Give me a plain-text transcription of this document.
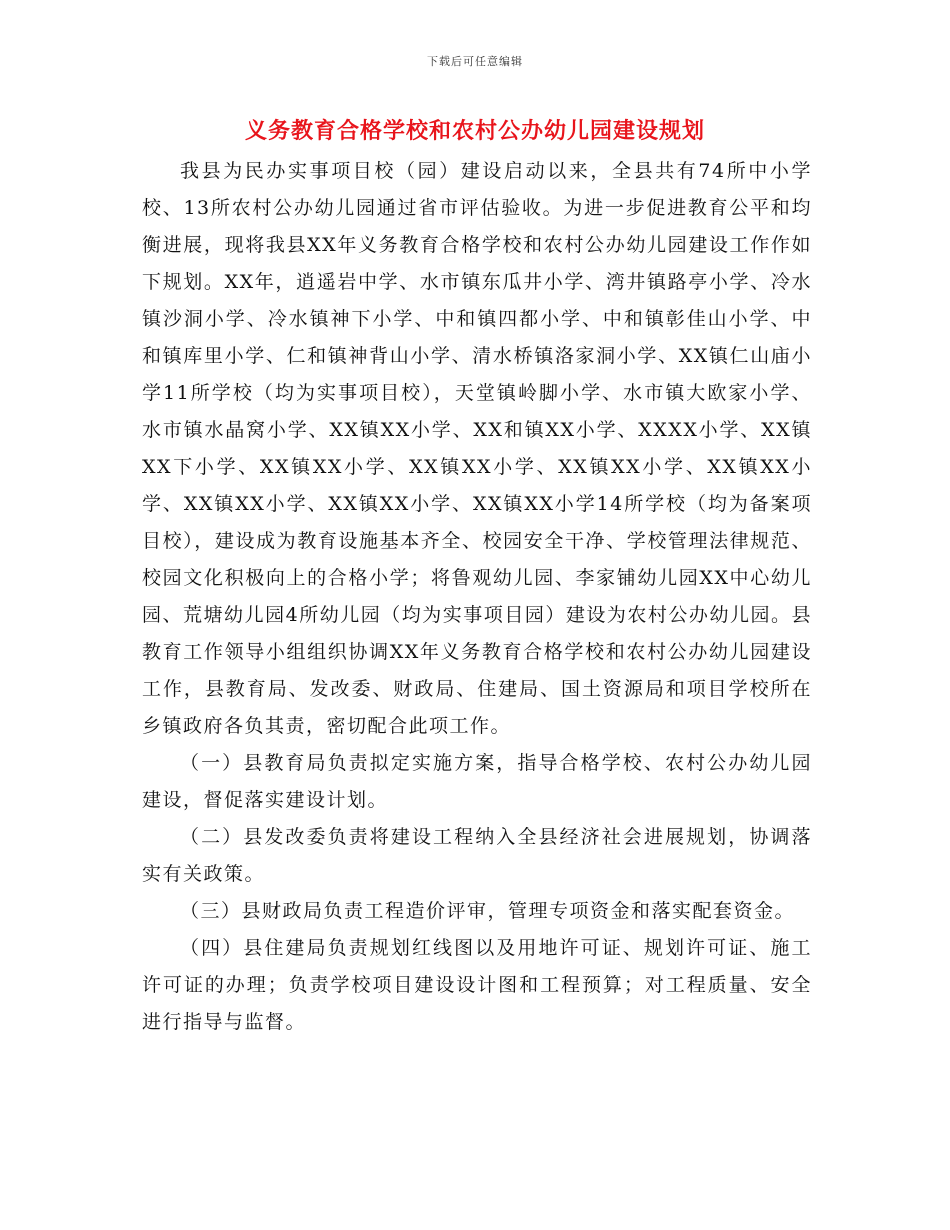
下载后可任意编辑
义务教育合格学校和农村公办幼儿园建设规划

我县为民办实事项目校（园）建设启动以来，全县共有74所中小学校、13所农村公办幼儿园通过省市评估验收。为进一步促进教育公平和均衡进展，现将我县XX年义务教育合格学校和农村公办幼儿园建设工作作如下规划。XX年，逍遥岩中学、水市镇东瓜井小学、湾井镇路亭小学、冷水镇沙洞小学、冷水镇神下小学、中和镇四都小学、中和镇彰佳山小学、中和镇库里小学、仁和镇神背山小学、清水桥镇洛家洞小学、XX镇仁山庙小学11所学校（均为实事项目校），天堂镇岭脚小学、水市镇大欧家小学、水市镇水晶窝小学、XX镇XX小学、XX和镇XX小学、XXXX小学、XX镇XX下小学、XX镇XX小学、XX镇XX小学、XX镇XX小学、XX镇XX小学、XX镇XX小学、XX镇XX小学、XX镇XX小学14所学校（均为备案项目校），建设成为教育设施基本齐全、校园安全干净、学校管理法律规范、校园文化积极向上的合格小学；将鲁观幼儿园、李家铺幼儿园XX中心幼儿园、荒塘幼儿园4所幼儿园（均为实事项目园）建设为农村公办幼儿园。县教育工作领导小组组织协调XX年义务教育合格学校和农村公办幼儿园建设工作，县教育局、发改委、财政局、住建局、国土资源局和项目学校所在乡镇政府各负其责，密切配合此项工作。

（一）县教育局负责拟定实施方案，指导合格学校、农村公办幼儿园建设，督促落实建设计划。

（二）县发改委负责将建设工程纳入全县经济社会进展规划，协调落实有关政策。

（三）县财政局负责工程造价评审，管理专项资金和落实配套资金。

（四）县住建局负责规划红线图以及用地许可证、规划许可证、施工许可证的办理；负责学校项目建设设计图和工程预算；对工程质量、安全进行指导与监督。
